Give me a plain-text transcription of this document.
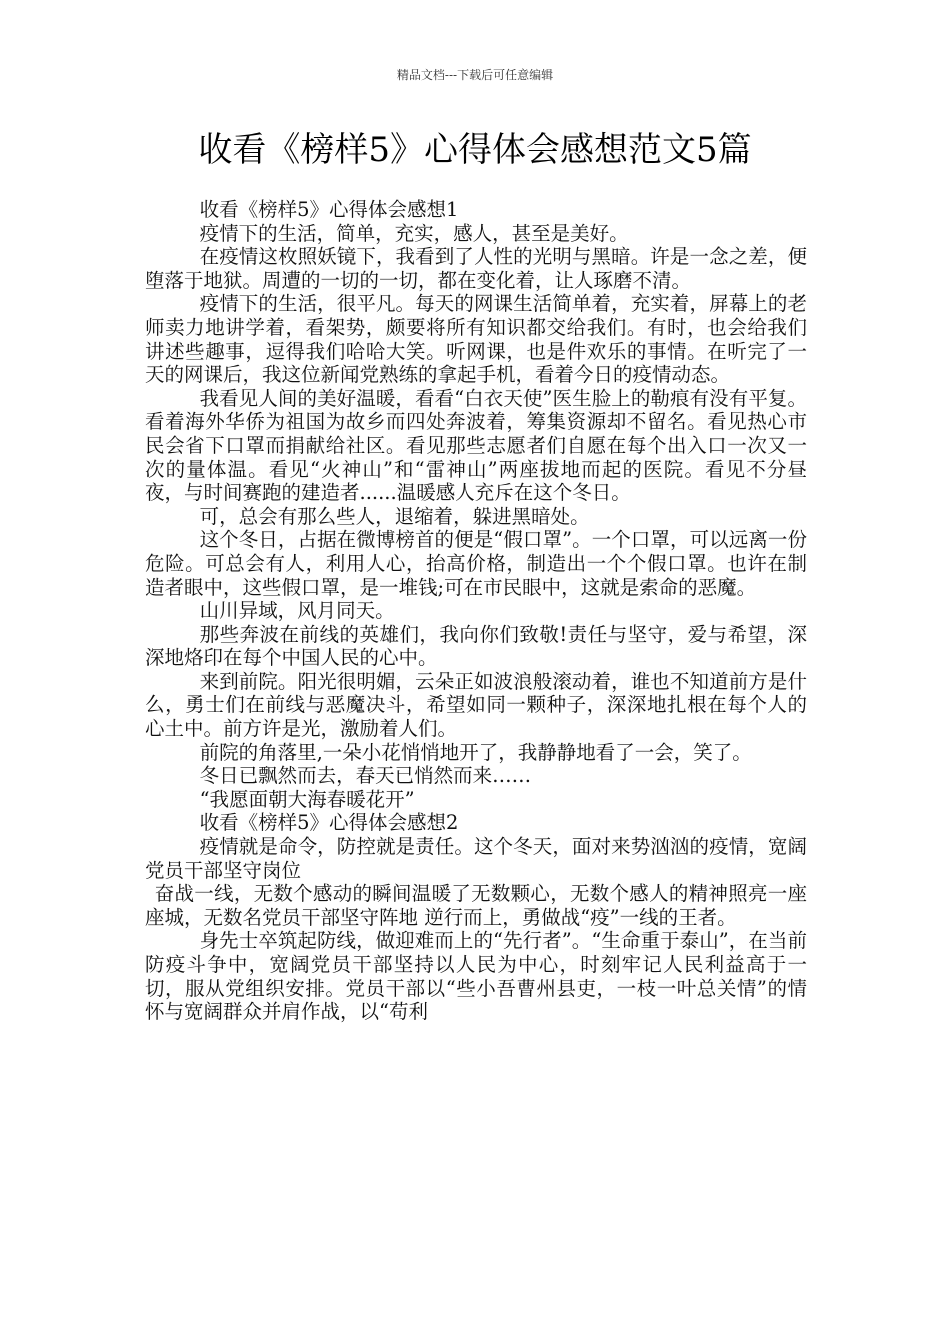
精品文档---下载后可任意编辑
收看《榜样5》心得体会感想范文5篇

收看《榜样5》心得体会感想1

疫情下的生活，简单，充实，感人，甚至是美好。

在疫情这枚照妖镜下，我看到了人性的光明与黑暗。许是一念之差，便堕落于地狱。周遭的一切的一切，都在变化着，让人琢磨不清。

疫情下的生活，很平凡。每天的网课生活简单着，充实着，屏幕上的老师卖力地讲学着，看架势，颇要将所有知识都交给我们。有时，也会给我们讲述些趣事，逗得我们哈哈大笑。听网课，也是件欢乐的事情。在听完了一天的网课后，我这位新闻党熟练的拿起手机，看着今日的疫情动态。

我看见人间的美好温暖，看看“白衣天使”医生脸上的勒痕有没有平复。看着海外华侨为祖国为故乡而四处奔波着，筹集资源却不留名。看见热心市民会省下口罩而捐献给社区。看见那些志愿者们自愿在每个出入口一次又一次的量体温。看见“火神山”和“雷神山”两座拔地而起的医院。看见不分昼夜，与时间赛跑的建造者......温暖感人充斥在这个冬日。

可，总会有那么些人，退缩着，躲进黑暗处。

这个冬日，占据在微博榜首的便是“假口罩”。一个口罩，可以远离一份危险。可总会有人，利用人心，抬高价格，制造出一个个假口罩。也许在制造者眼中，这些假口罩，是一堆钱;可在市民眼中，这就是索命的恶魔。

山川异域，风月同天。

那些奔波在前线的英雄们，我向你们致敬!责任与坚守，爱与希望，深深地烙印在每个中国人民的心中。

来到前院。阳光很明媚，云朵正如波浪般滚动着，谁也不知道前方是什么，勇士们在前线与恶魔决斗，希望如同一颗种子，深深地扎根在每个人的心土中。前方许是光，激励着人们。

前院的角落里,一朵小花悄悄地开了，我静静地看了一会，笑了。

冬日已飘然而去，春天已悄然而来……

“我愿面朝大海春暖花开”

收看《榜样5》心得体会感想2

疫情就是命令，防控就是责任。这个冬天，面对来势汹汹的疫情，宽阔党员干部坚守岗位

奋战一线，无数个感动的瞬间温暖了无数颗心，无数个感人的精神照亮一座座城，无数名党员干部坚守阵地 逆行而上，勇做战“疫”一线的王者。

身先士卒筑起防线，做迎难而上的“先行者”。“生命重于泰山”，在当前防疫斗争中，宽阔党员干部坚持以人民为中心，时刻牢记人民利益高于一切，服从党组织安排。党员干部以“些小吾曹州县吏，一枝一叶总关情”的情怀与宽阔群众并肩作战，以“苟利
